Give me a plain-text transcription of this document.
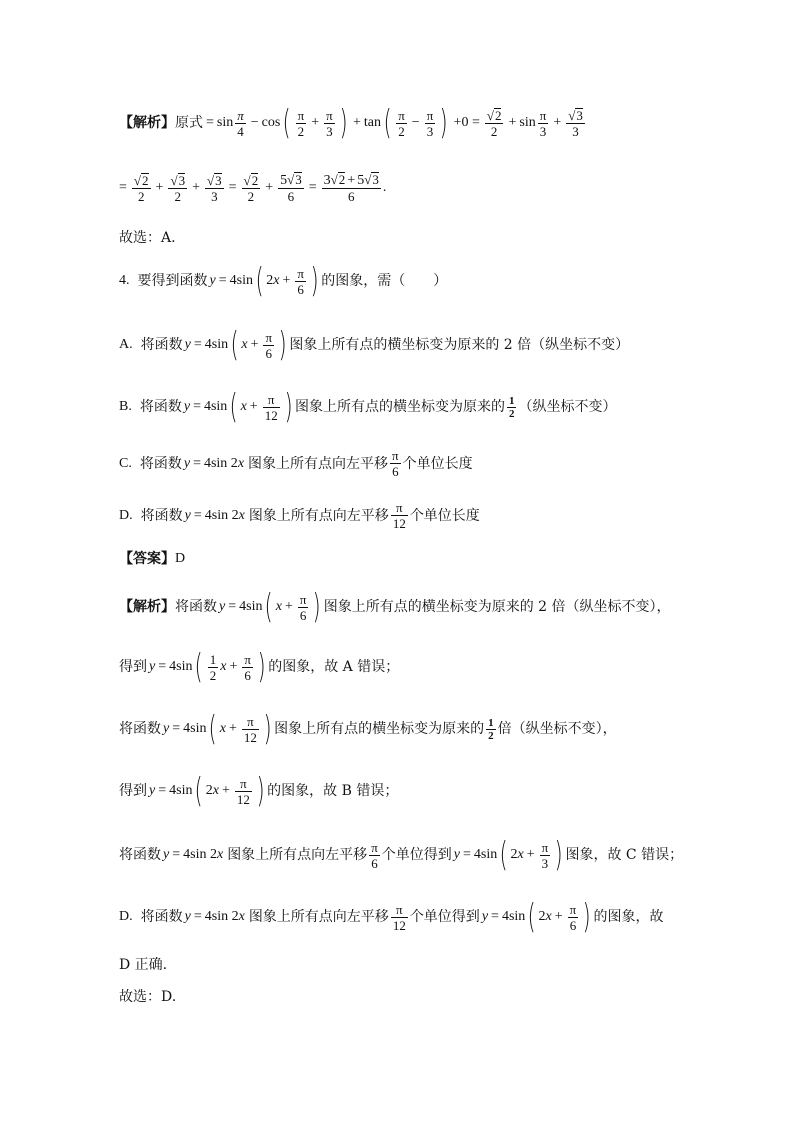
【解析】 原式 = $\sin \frac{\pi}{4} - \cos$ ( $\frac{\pi}{2} + \frac{\pi}{3}$ ) + tan ( $\frac{\pi}{2} - \frac{\pi}{3}$ ) $+0 = \frac{√ 2}{2} + \sin \frac{\pi}{3} + \frac{√ 3}{3}$
= $\frac{√ 2}{2} + \frac{√ 3}{2} + \frac{√ 3}{3} = \frac{√ 2}{2} + \frac{5 √ 3}{6} = \frac{3 √ 2 + 5 √ 3}{6}$ .
故选：A.
4. 要得到函数 y = 4sin ( 2 $x + \frac{\pi}{6}$ ) 的图象，需（　　）
A. 将函数 y = 4sin ( $x + \frac{\pi}{6}$ ) 图象上所有点的横坐标变为原来的 2 倍（纵坐标不变）
B. 将函数 y = 4sin ( $x + \frac{\pi}{12}$ ) 图象上所有点的横坐标变为原来的 $\frac{1}{2}$ （纵坐标不变）
C. 将函数 y = 4sin 2 x 图象上所有点向左平移 $\frac{\pi}{6}$ 个单位长度
D. 将函数 y = 4sin 2 x 图象上所有点向左平移 $\frac{\pi}{12}$ 个单位长度
【答案】 D
【解析】 将函数 y = 4sin ( $x + \frac{\pi}{6}$ ) 图象上所有点的横坐标变为原来的 2 倍（纵坐标不变），
得到 y = 4sin ( $\frac{1}{2}$ $x + \frac{\pi}{6}$ ) 的图象，故 A 错误；
将函数 y = 4sin ( $x + \frac{\pi}{12}$ ) 图象上所有点的横坐标变为原来的 $\frac{1}{2}$ 倍（纵坐标不变），
得到 y = 4sin ( 2 $x + \frac{\pi}{12}$ ) 的图象，故 B 错误；
将函数 y = 4sin 2 x 图象上所有点向左平移 $\frac{\pi}{6}$ 个单位得到 y = 4sin ( 2 $x + \frac{\pi}{3}$ ) 图象，故 C 错误；
D. 将函数 y = 4sin 2 x 图象上所有点向左平移 $\frac{\pi}{12}$ 个单位得到 y = 4sin ( 2 $x + \frac{\pi}{6}$ ) 的图象，故
D 正确.
故选：D.
